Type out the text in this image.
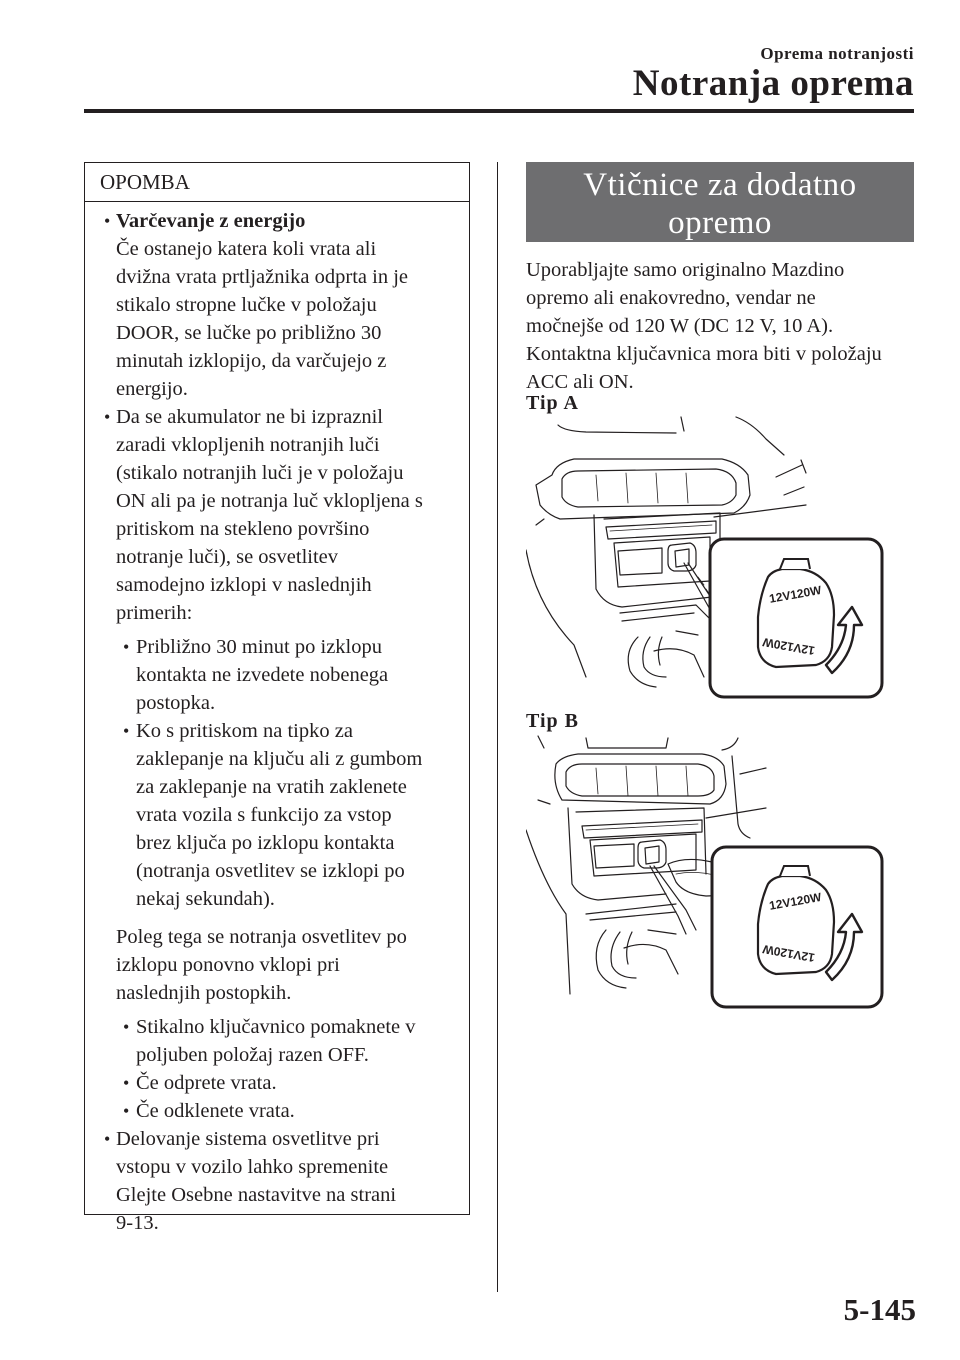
Oprema notranjosti
Notranja oprema
OPOMBA
• Varčevanje z energijo
Če ostanejo katera koli vrata ali
dvižna vrata prtljažnika odprta in je
stikalo stropne lučke v položaju
DOOR, se lučke po približno 30
minutah izklopijo, da varčujejo z
energijo.
• Da se akumulator ne bi izpraznil
zaradi vklopljenih notranjih luči
(stikalo notranjih luči je v položaju
ON ali pa je notranja luč vklopljena s
pritiskom na stekleno površino
notranje luči), se osvetlitev
samodejno izklopi v naslednjih
primerih:
• Približno 30 minut po izklopu
kontakta ne izvedete nobenega
postopka.
• Ko s pritiskom na tipko za
zaklepanje na ključu ali z gumbom
za zaklepanje na vratih zaklenete
vrata vozila s funkcijo za vstop
brez ključa po izklopu kontakta
(notranja osvetlitev se izklopi po
nekaj sekundah).
Poleg tega se notranja osvetlitev po
izklopu ponovno vklopi pri
naslednjih postopkih.
• Stikalno ključavnico pomaknete v
poljuben položaj razen OFF.
• Če odprete vrata.
• Če odklenete vrata.
• Delovanje sistema osvetlitve pri
vstopu v vozilo lahko spremenite
Glejte Osebne nastavitve na strani
9-13.
Vtičnice za dodatno
opremo
Uporabljajte samo originalno Mazdino
opremo ali enakovredno, vendar ne
močnejše od 120 W (DC 12 V, 10 A).
Kontaktna ključavnica mora biti v položaju
ACC ali ON.
Tip A
12V120W
12V120W
Tip B
12V120W
12V120W
5-145
